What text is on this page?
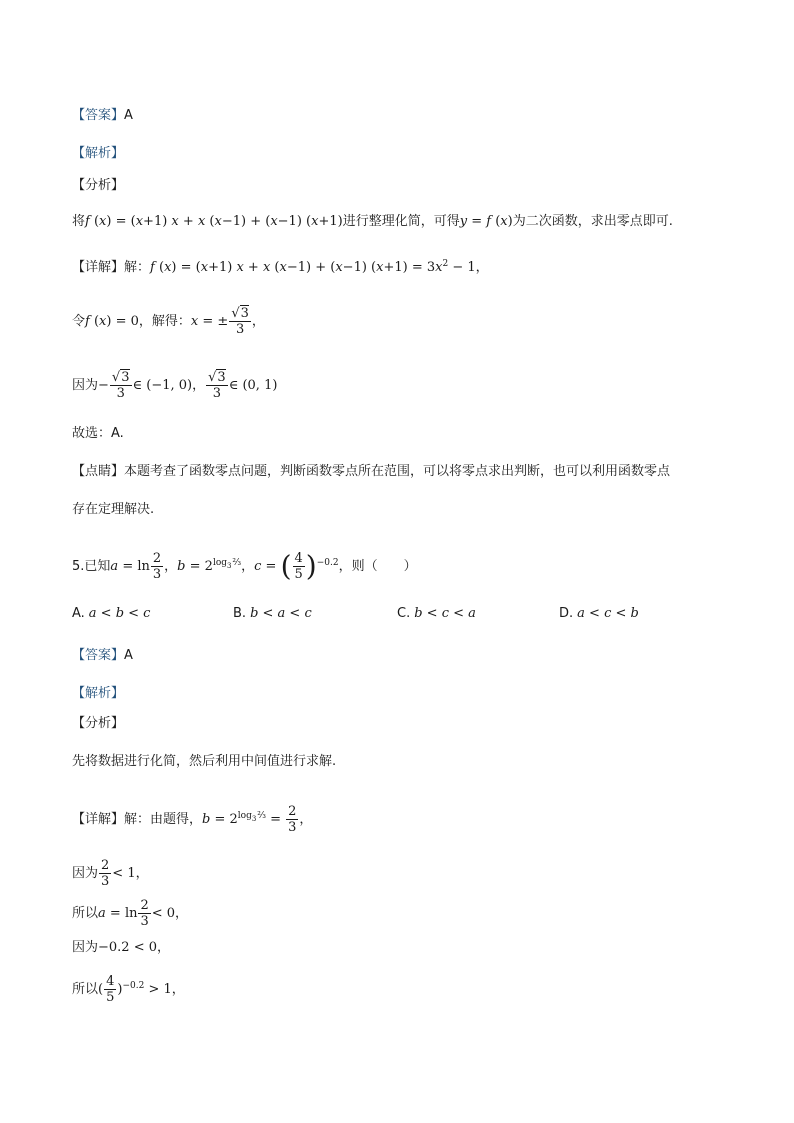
【答案】A
【解析】
【分析】
将f (x) = (x+1) x + x (x−1) + (x−1) (x+1)进行整理化简，可得y = f (x)为二次函数，求出零点即可.
【详解】解：f (x) = (x+1) x + x (x−1) + (x−1) $(x+1) = 3x^2 - 1$，
令f (x) = 0，解得：x = ± $\frac{√3}{3}$ ，
因为− $\frac{√3}{3}$ ∈ (−1, 0)， $\frac{√3}{3}$ ∈ (0, 1)
故选：A.
【点睛】本题考查了函数零点问题，判断函数零点所在范围，可以将零点求出判断，也可以利用函数零点
存在定理解决.
5.已知$a = \ln \frac{2}{3}$ ，$b = 2^{log_3 \frac{2}{3}}$，c = ( $\frac{4}{5} )^{-0.2}$，则（　　）
A. a < b < c	B. b < a < c	C. b < c < a	D. a < c < b
【答案】A
【解析】
【分析】
先将数据进行化简，然后利用中间值进行求解.
【详解】解：由题得，$b = 2^{log_3 \frac{2}{3}} = \frac{2}{3}$ ，
因为 $\frac{2}{3} < 1$，
所以$a = \ln \frac{2}{3} < 0$，
因为−0.2 < 0，
所以( $\frac{4}{5} )^{-0.2} > 1$，
